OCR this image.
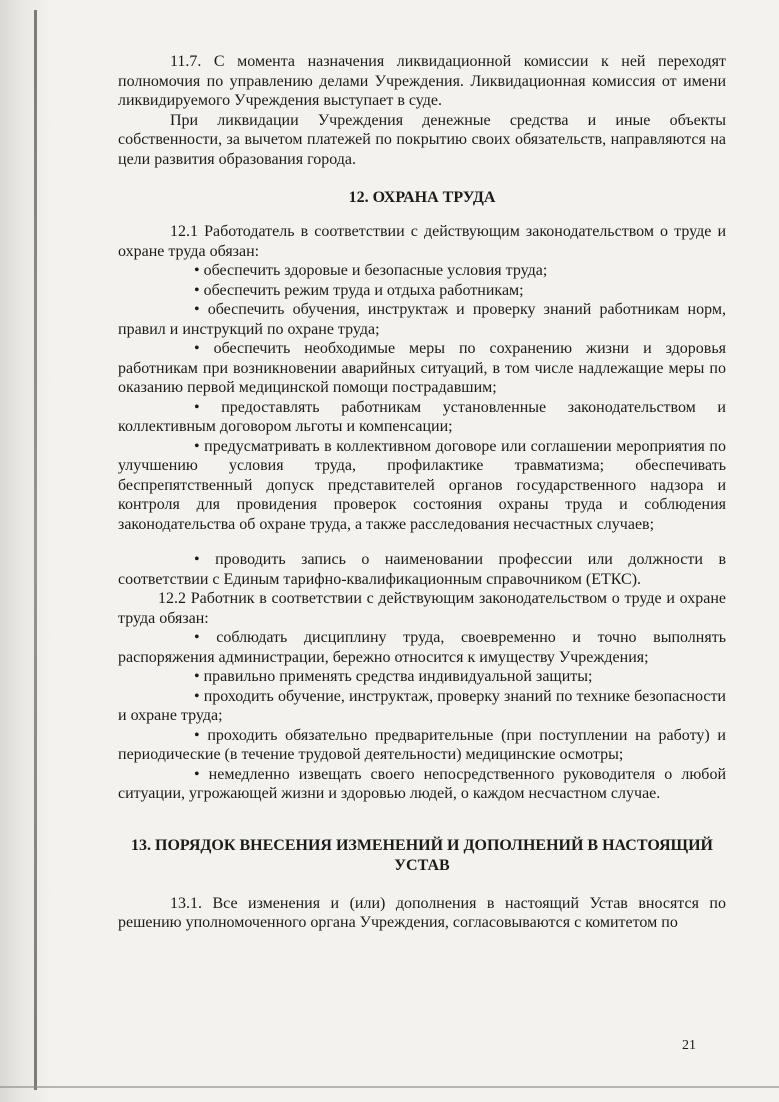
11.7. С момента назначения ликвидационной комиссии к ней переходят полномочия по управлению делами Учреждения. Ликвидационная комиссия от имени ликвидируемого Учреждения выступает в суде.

При ликвидации Учреждения денежные средства и иные объекты собственности, за вычетом платежей по покрытию своих обязательств, направляются на цели развития образования города.

12. ОХРАНА ТРУДА

12.1 Работодатель в соответствии с действующим законодательством о труде и охране труда обязан:

• обеспечить здоровые и безопасные условия труда;

• обеспечить режим труда и отдыха работникам;

• обеспечить обучения, инструктаж и проверку знаний работникам норм, правил и инструкций по охране труда;

• обеспечить необходимые меры по сохранению жизни и здоровья работникам при возникновении аварийных ситуаций, в том числе надлежащие меры по оказанию первой медицинской помощи пострадавшим;

• предоставлять работникам установленные законодательством и коллективным договором льготы и компенсации;

• предусматривать в коллективном договоре или соглашении мероприятия по улучшению условия труда, профилактике травматизма; обеспечивать беспрепятственный допуск представителей органов государственного надзора и контроля для провидения проверок состояния охраны труда и соблюдения законодательства об охране труда, а также расследования несчастных случаев;

• проводить запись о наименовании профессии или должности в соответствии с Единым тарифно-квалификационным справочником (ЕТКС).

12.2 Работник в соответствии с действующим законодательством о труде и охране труда обязан:

• соблюдать дисциплину труда, своевременно и точно выполнять распоряжения администрации, бережно относится к имуществу Учреждения;

• правильно применять средства индивидуальной защиты;

• проходить обучение, инструктаж, проверку знаний по технике безопасности и охране труда;

• проходить обязательно предварительные (при поступлении на работу) и периодические (в течение трудовой деятельности) медицинские осмотры;

• немедленно извещать своего непосредственного руководителя о любой ситуации, угрожающей жизни и здоровью людей, о каждом несчастном случае.

13. ПОРЯДОК ВНЕСЕНИЯ ИЗМЕНЕНИЙ И ДОПОЛНЕНИЙ В НАСТОЯЩИЙ УСТАВ

13.1. Все изменения и (или) дополнения в настоящий Устав вносятся по решению уполномоченного органа Учреждения, согласовываются с комитетом по

21
